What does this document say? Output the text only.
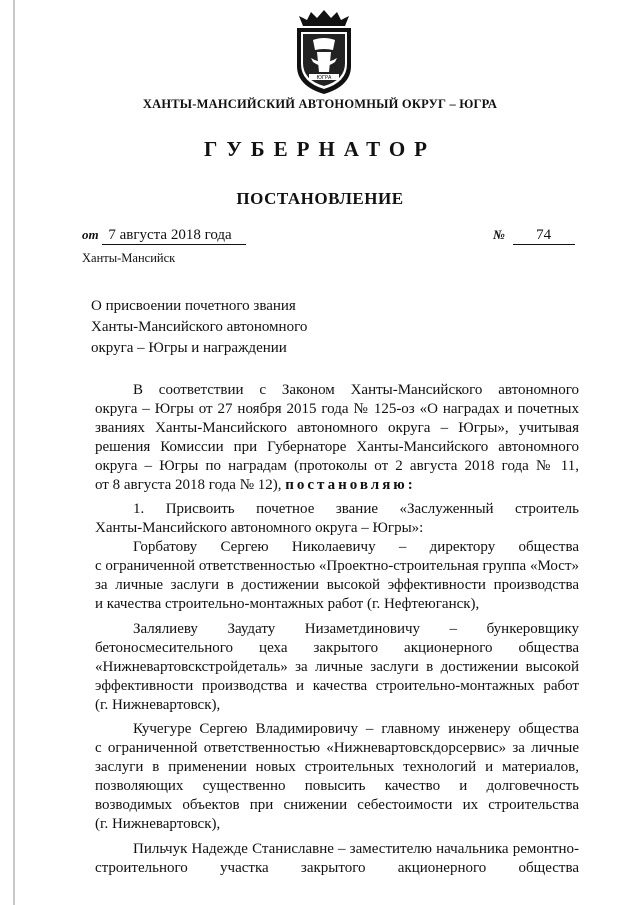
ЮГРА
ХАНТЫ-МАНСИЙСКИЙ АВТОНОМНЫЙ ОКРУГ – ЮГРА
ГУБЕРНАТОР
ПОСТАНОВЛЕНИЕ
от 7 августа 2018 года	№ 74
Ханты-Мансийск
О присвоении почетного звания
Ханты-Мансийского автономного
округа – Югры и награждении
В соответствии с Законом Ханты-Мансийского автономного
округа – Югры от 27 ноября 2015 года № 125-оз «О наградах и почетных
званиях Ханты-Мансийского автономного округа – Югры», учитывая
решения Комиссии при Губернаторе Ханты-Мансийского автономного
округа – Югры по наградам (протоколы от 2 августа 2018 года № 11,
от 8 августа 2018 года № 12), постановляю:
1. Присвоить почетное звание «Заслуженный строитель
Ханты-Мансийского автономного округа – Югры»:
Горбатову Сергею Николаевичу – директору общества
с ограниченной ответственностью «Проектно-строительная группа «Мост»
за личные заслуги в достижении высокой эффективности производства
и качества строительно-монтажных работ (г. Нефтеюганск),
Залялиеву Заудату Низаметдиновичу – бункеровщику
бетоносмесительного цеха закрытого акционерного общества
«Нижневартовскстройдеталь» за личные заслуги в достижении высокой
эффективности производства и качества строительно-монтажных работ
(г. Нижневартовск),
Кучегуре Сергею Владимировичу – главному инженеру общества
с ограниченной ответственностью «Нижневартовскдорсервис» за личные
заслуги в применении новых строительных технологий и материалов,
позволяющих существенно повысить качество и долговечность
возводимых объектов при снижении себестоимости их строительства
(г. Нижневартовск),
Пильчук Надежде Станиславне – заместителю начальника ремонтно-
строительного участка закрытого акционерного общества
